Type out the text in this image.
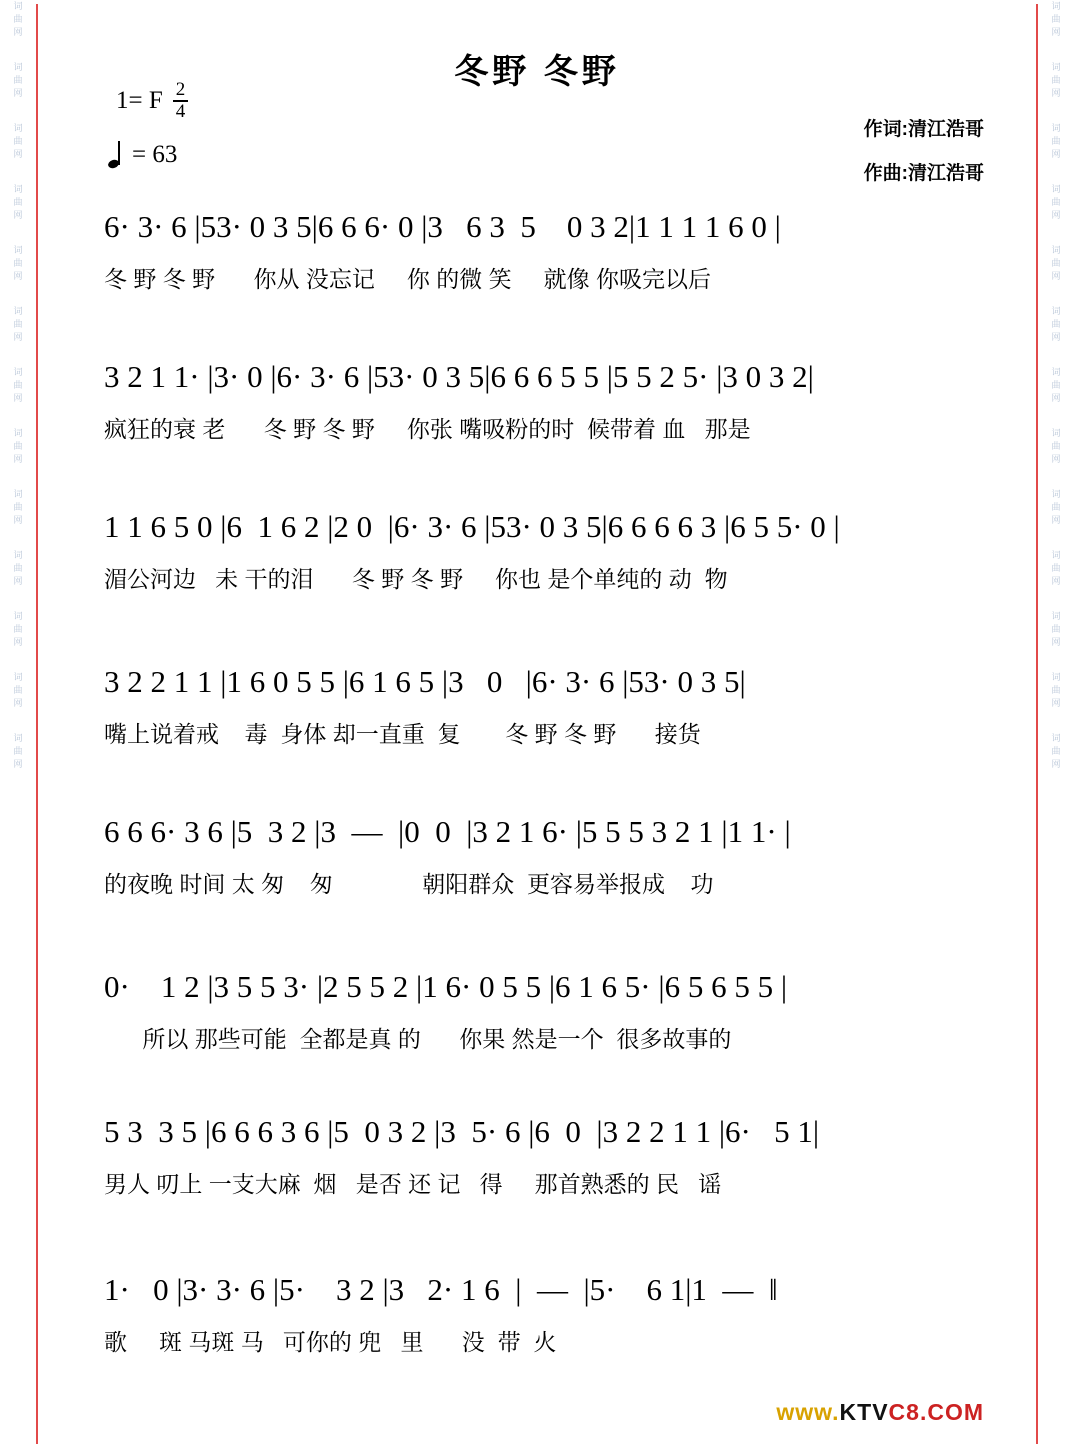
词
曲
网
词
曲
网
词
曲
网
词
曲
网
词
曲
网
词
曲
网
词
曲
网
词
曲
网
词
曲
网
词
曲
网
词
曲
网
词
曲
网
词
曲
网
词
曲
网
词
曲
网
词
曲
网
词
曲
网
词
曲
网
词
曲
网
词
曲
网
词
曲
网
词
曲
网
词
曲
网
词
曲
网
词
曲
网
词
曲
网
冬野 冬野
1= F $\frac{2}{4}$
= 63
作词:清江浩哥
作曲:清江浩哥
6· 3· 6 |53· 0 3 5|6 6 6· 0 |3   6 3  5    0 3 2|1 1 1 1 6 0 |
冬 野 冬 野      你从 没忘记     你 的微 笑     就像 你吸完以后
3 2 1 1· |3· 0 |6· 3· 6 |53· 0 3 5|6 6 6 5 5 |5 5 2 5· |3 0 3 2|
疯狂的衰 老      冬 野 冬 野     你张 嘴吸粉的时  候带着 血   那是
1 1 6 5 0 |6  1 6 2 |2 0  |6· 3· 6 |53· 0 3 5|6 6 6 6 3 |6 5 5· 0 |
湄公河边   未 干的泪      冬 野 冬 野     你也 是个单纯的 动  物
3 2 2 1 1 |1 6 0 5 5 |6 1 6 5 |3   0   |6· 3· 6 |53· 0 3 5|
嘴上说着戒    毒  身体 却一直重  复       冬 野 冬 野      接货
6 6 6· 3 6 |5  3 2 |3  —  |0  0  |3 2 1 6· |5 5 5 3 2 1 |1 1· |
的夜晚 时间 太 匆    匆              朝阳群众  更容易举报成    功
0·    1 2 |3 5 5 3· |2 5 5 2 |1 6· 0 5 5 |6 1 6 5· |6 5 6 5 5 |
所以 那些可能  全都是真 的      你果 然是一个  很多故事的
5 3  3 5 |6 6 6 3 6 |5  0 3 2 |3  5· 6 |6  0  |3 2 2 1 1 |6·   5 1|
男人 叨上 一支大麻  烟   是否 还 记   得     那首熟悉的 民   谣
1·   0 |3· 3· 6 |5·    3 2 |3   2· 1 6  |  —  |5·    6 1|1  —  ‖
歌     斑 马斑 马   可你的 兜   里      没  带  火
www.KTVC8.COM
